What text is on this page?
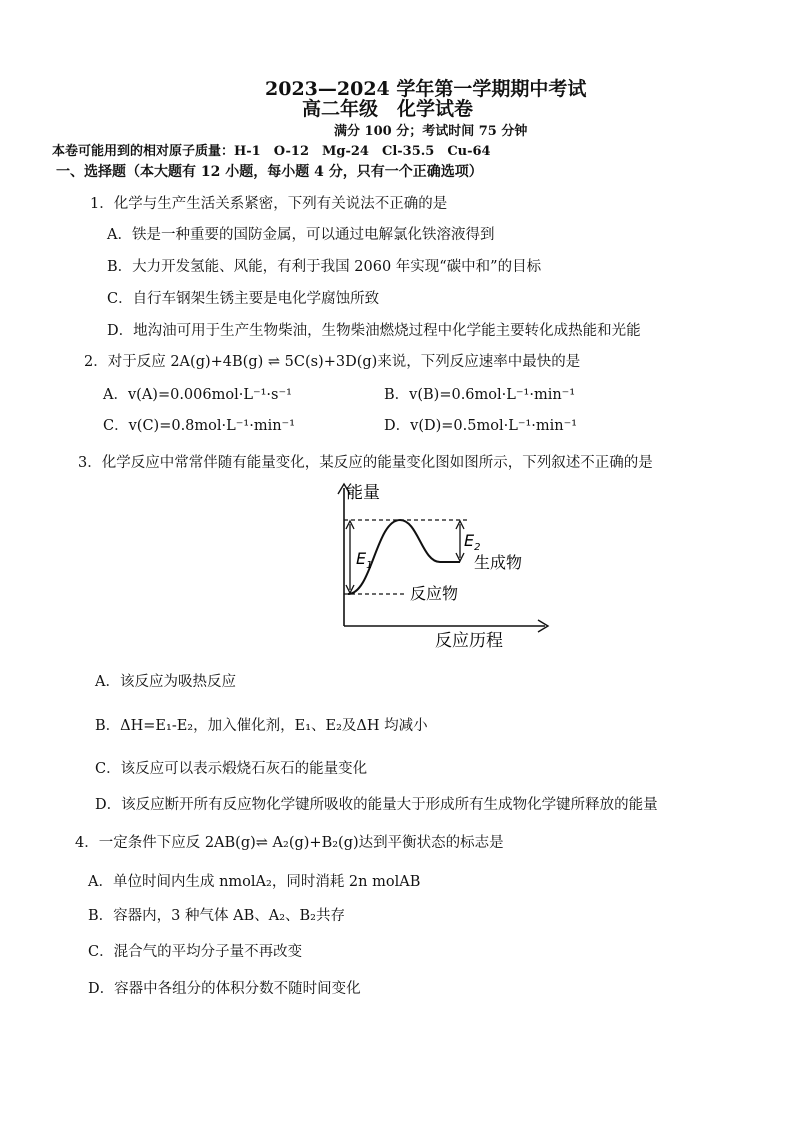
2023—2024 学年第一学期期中考试
高二年级　化学试卷
满分 100 分；考试时间 75 分钟
本卷可能用到的相对原子质量：H-1　O-12　Mg-24　Cl-35.5　Cu-64
一、选择题（本大题有 12 小题，每小题 4 分，只有一个正确选项）
1．化学与生产生活关系紧密，下列有关说法不正确的是
A．铁是一种重要的国防金属，可以通过电解氯化铁溶液得到
B．大力开发氢能、风能，有利于我国 2060 年实现“碳中和”的目标
C．自行车钢架生锈主要是电化学腐蚀所致
D．地沟油可用于生产生物柴油，生物柴油燃烧过程中化学能主要转化成热能和光能
2．对于反应 2A(g)+4B(g) ⇌ 5C(s)+3D(g)来说，下列反应速率中最快的是
A．v(A)=0.006mol·L⁻¹·s⁻¹	B．v(B)=0.6mol·L⁻¹·min⁻¹
C．v(C)=0.8mol·L⁻¹·min⁻¹	D．v(D)=0.5mol·L⁻¹·min⁻¹
3．化学反应中常常伴随有能量变化，某反应的能量变化图如图所示，下列叙述不正确的是
能量
$E_1$
$E_2$
生成物
反应物
反应历程
A．该反应为吸热反应
B．ΔH=E₁-E₂，加入催化剂，E₁、E₂及ΔH 均减小
C．该反应可以表示煅烧石灰石的能量变化
D．该反应断开所有反应物化学键所吸收的能量大于形成所有生成物化学键所释放的能量
4．一定条件下应反 2AB(g)⇌ A₂(g)+B₂(g)达到平衡状态的标志是
A．单位时间内生成 nmolA₂，同时消耗 2n molAB
B．容器内，3 种气体 AB、A₂、B₂共存
C．混合气的平均分子量不再改变
D．容器中各组分的体积分数不随时间变化
